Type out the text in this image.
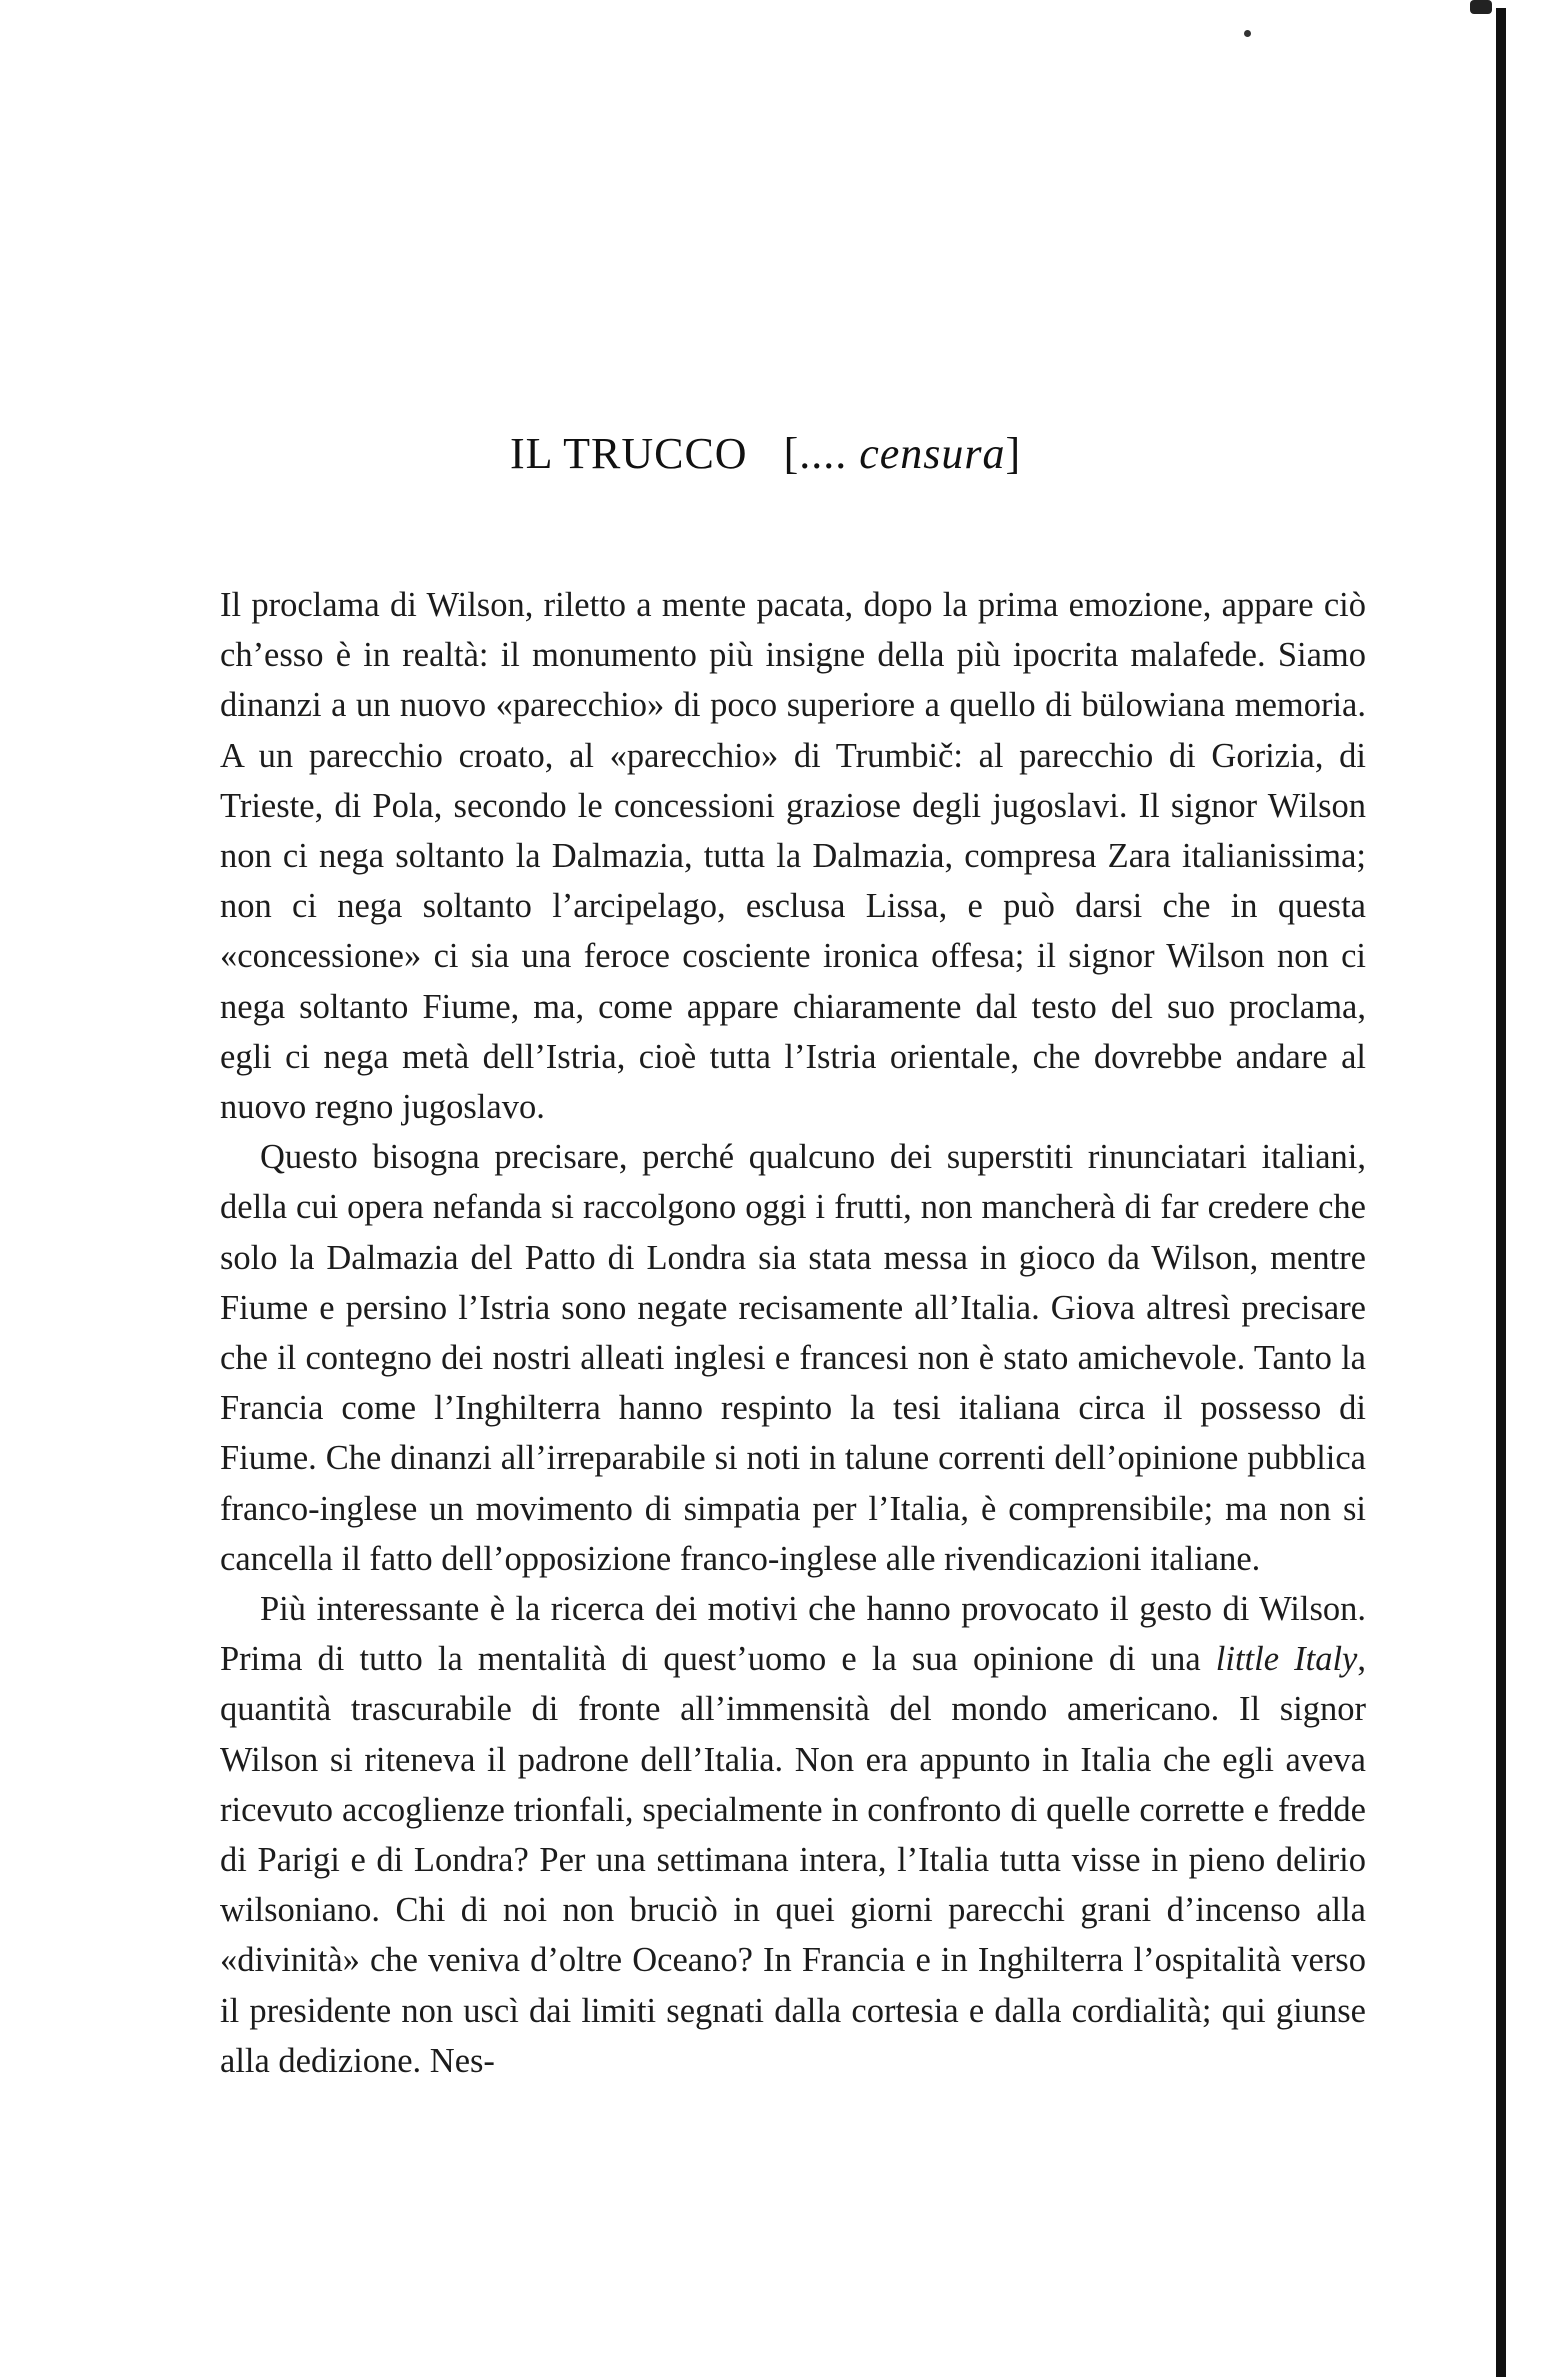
IL TRUCCO [.... censura]

Il proclama di Wilson, riletto a mente pacata, dopo la prima emozione, appare ciò ch’esso è in realtà: il monumento più insigne della più ipocrita malafede. Siamo dinanzi a un nuovo «parecchio» di poco superiore a quello di bülowiana memoria. A un parecchio croato, al «parecchio» di Trumbič: al parecchio di Gorizia, di Trieste, di Pola, secondo le concessioni graziose degli jugoslavi. Il signor Wilson non ci nega soltanto la Dalmazia, tutta la Dalmazia, compresa Zara italianissima; non ci nega soltanto l’arcipelago, esclusa Lissa, e può darsi che in questa «concessione» ci sia una feroce cosciente ironica offesa; il signor Wilson non ci nega soltanto Fiume, ma, come appare chiaramente dal testo del suo proclama, egli ci nega metà dell’Istria, cioè tutta l’Istria orientale, che dovrebbe andare al nuovo regno jugoslavo.

Questo bisogna precisare, perché qualcuno dei superstiti rinunciatari italiani, della cui opera nefanda si raccolgono oggi i frutti, non mancherà di far credere che solo la Dalmazia del Patto di Londra sia stata messa in gioco da Wilson, mentre Fiume e persino l’Istria sono negate recisamente all’Italia. Giova altresì precisare che il contegno dei nostri alleati inglesi e francesi non è stato amichevole. Tanto la Francia come l’Inghilterra hanno respinto la tesi italiana circa il possesso di Fiume. Che dinanzi all’irreparabile si noti in talune correnti dell’opinione pubblica franco-inglese un movimento di simpatia per l’Italia, è comprensibile; ma non si cancella il fatto dell’opposizione franco-inglese alle rivendicazioni italiane.

Più interessante è la ricerca dei motivi che hanno provocato il gesto di Wilson. Prima di tutto la mentalità di quest’uomo e la sua opinione di una little Italy, quantità trascurabile di fronte all’immensità del mondo americano. Il signor Wilson si riteneva il padrone dell’Italia. Non era appunto in Italia che egli aveva ricevuto accoglienze trionfali, specialmente in confronto di quelle corrette e fredde di Parigi e di Londra? Per una settimana intera, l’Italia tutta visse in pieno delirio wilsoniano. Chi di noi non bruciò in quei giorni parecchi grani d’incenso alla «divinità» che veniva d’oltre Oceano? In Francia e in Inghilterra l’ospitalità verso il presidente non uscì dai limiti segnati dalla cortesia e dalla cordialità; qui giunse alla dedizione. Nes-
